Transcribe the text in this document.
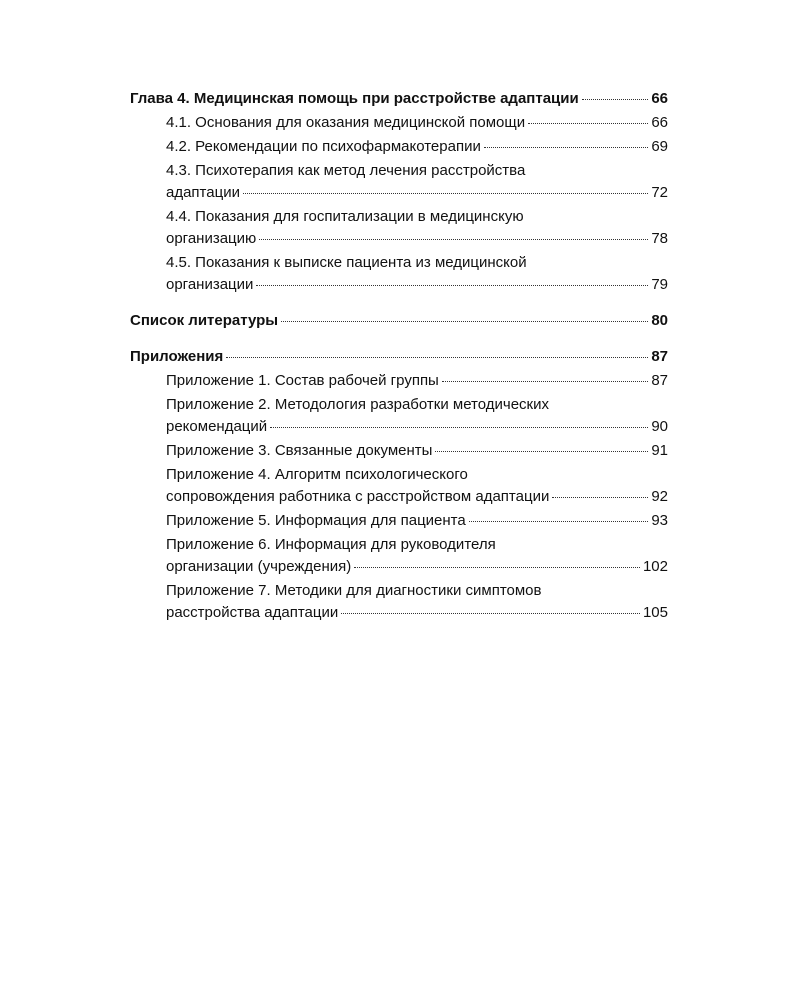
Глава 4. Медицинская помощь при расстройстве адаптации	66
4.1. Основания для оказания медицинской помощи	66
4.2. Рекомендации по психофармакотерапии	69
4.3. Психотерапия как метод лечения расстройства
адаптации	72
4.4. Показания для госпитализации в медицинскую
организацию	78
4.5. Показания к выписке пациента из медицинской
организации	79
Список литературы	80
Приложения	87
Приложение 1. Состав рабочей группы	87
Приложение 2. Методология разработки методических
рекомендаций	90
Приложение 3. Связанные документы	91
Приложение 4. Алгоритм психологического
сопровождения работника с расстройством адаптации	92
Приложение 5. Информация для пациента	93
Приложение 6. Информация для руководителя
организации (учреждения)	102
Приложение 7. Методики для диагностики симптомов
расстройства адаптации	105
